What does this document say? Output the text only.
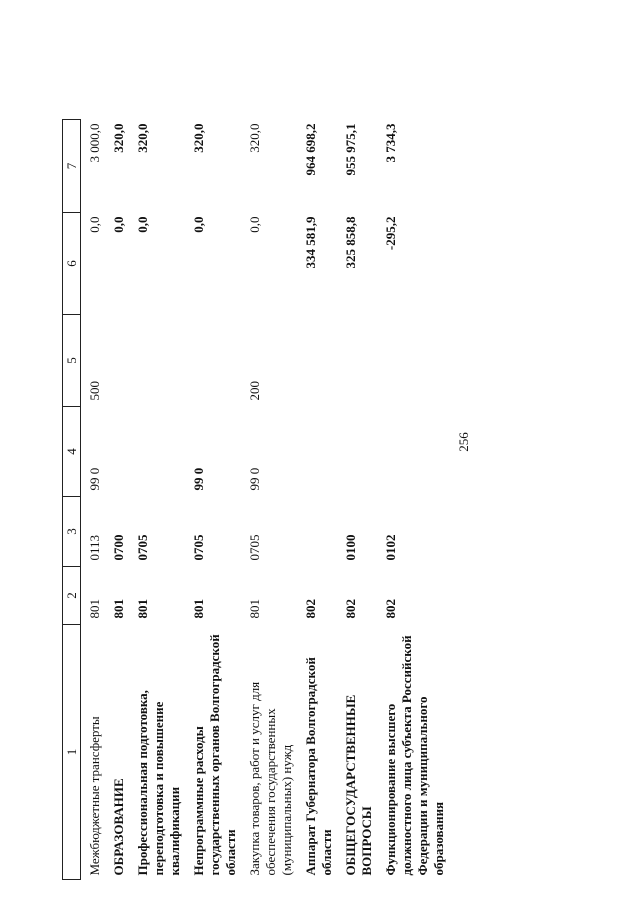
256
1	2	3	4	5	6	7
Межбюджетные трансферты	801	0113	99 0	500	0,0	3 000,0
ОБРАЗОВАНИЕ	801	0700			0,0	320,0
Профессиональная подготовка, переподготовка и повышение квалификации	801	0705			0,0	320,0
Непрограммные расходы государственных органов Волгоградской области	801	0705	99 0		0,0	320,0
Закупка товаров, работ и услуг для обеспечения государственных (муниципальных) нужд	801	0705	99 0	200	0,0	320,0
Аппарат Губернатора Волгоградской области	802				334 581,9	964 698,2
ОБЩЕГОСУДАРСТВЕННЫЕ ВОПРОСЫ	802	0100			325 858,8	955 975,1
Функционирование высшего должностного лица субъекта Российской Федерации и муниципального образования	802	0102			-295,2	3 734,3
